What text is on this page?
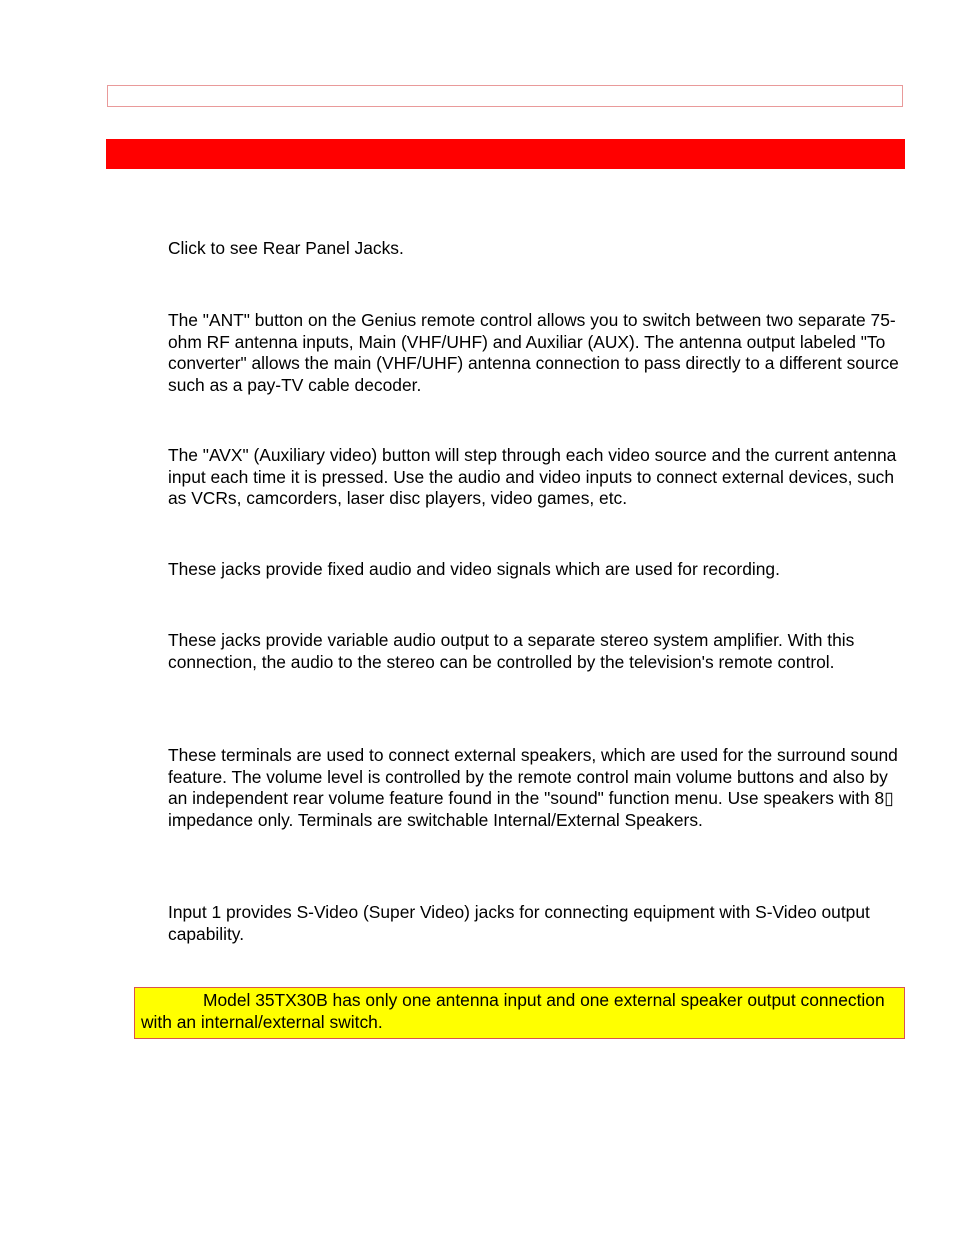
Click to see Rear Panel Jacks.

The "ANT" button on the Genius remote control allows you to switch between two separate 75-ohm RF antenna inputs, Main (VHF/UHF) and Auxiliar (AUX). The antenna output labeled "To converter" allows the main (VHF/UHF) antenna connection to pass directly to a different source such as a pay-TV cable decoder.

The "AVX" (Auxiliary video) button will step through each video source and the current antenna input each time it is pressed. Use the audio and video inputs to connect external devices, such as VCRs, camcorders, laser disc players, video games, etc.

These jacks provide fixed audio and video signals which are used for recording.

These jacks provide variable audio output to a separate stereo system amplifier. With this connection, the audio to the stereo can be controlled by the television's remote control.

These terminals are used to connect external speakers, which are used for the surround sound feature. The volume level is controlled by the remote control main volume buttons and also by an independent rear volume feature found in the "sound" function menu. Use speakers with 8▯ impedance only. Terminals are switchable Internal/External Speakers.

Input 1 provides S-Video (Super Video) jacks for connecting equipment with S-Video output capability.

Model 35TX30B has only one antenna input and one external speaker output connection with an internal/external switch.
